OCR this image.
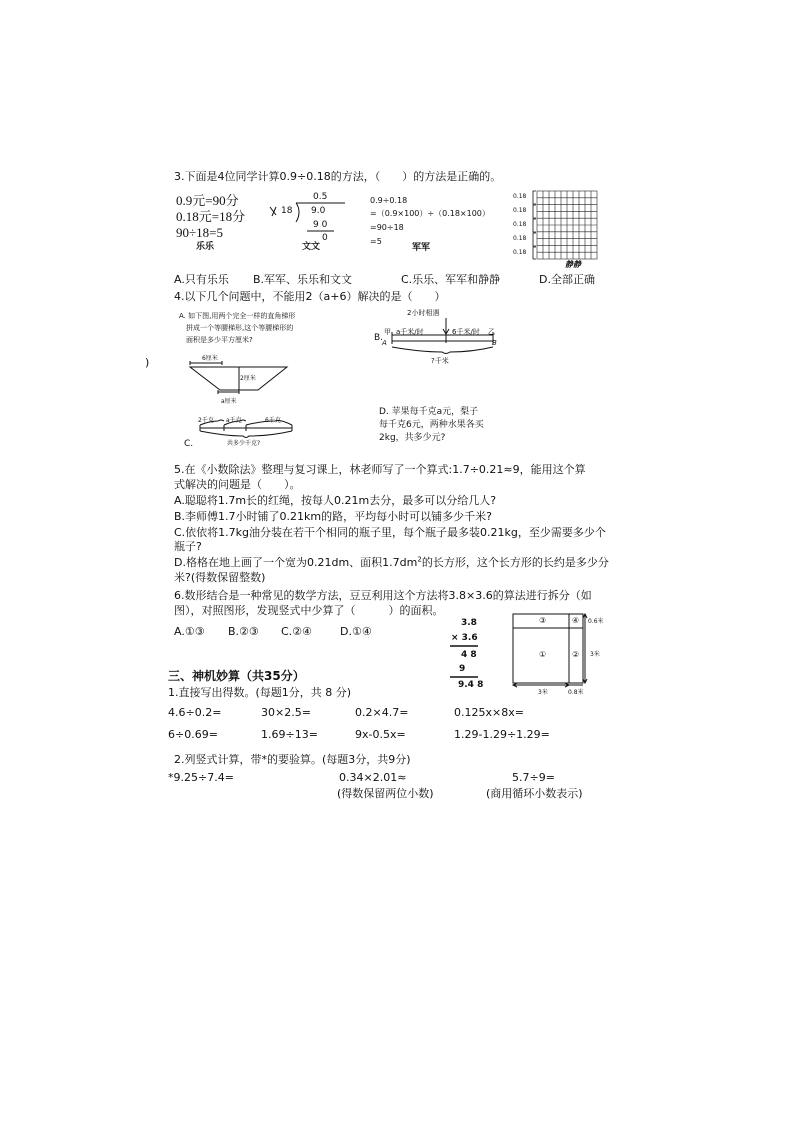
3.下面是4位同学计算0.9÷0.18的方法，（　　）的方法是正确的。
0.9元=90分
0.18元=18分
90÷18=5
乐乐
0.5
18 9.0
9 0
0
文文
0.9÷0.18
=（0.9×100）÷（0.18×100）
=90÷18
=5
军军
0.18
0.18
0.18
0.18
0.18
静静
A.只有乐乐 B.军军、乐乐和文文	C.乐乐、军军和静静	D.全部正确
4.以下几个问题中，不能用2（a+6）解决的是（　　）
A. 如下图,用两个完全一样的直角梯形
拼成一个等腰梯形,这个等腰梯形的
面积是多少平方厘米?
6厘米
2厘米
a厘米
)
2小时相遇
B.
甲 a千米/时	6千米/时 乙
A	B
?千米
2千克 a千克	6千克
C.	共多少千克?
D. 苹果每千克a元，梨子
每千克6元，两种水果各买
2kg，共多少元?
5.在《小数除法》整理与复习课上，林老师写了一个算式:1.7÷0.21≈9，能用这个算
式解决的问题是（　　）。
A.聪聪将1.7m长的红绳，按每人0.21m去分，最多可以分给几人?
B.李师傅1.7小时铺了0.21km的路，平均每小时可以铺多少千米?
C.依依将1.7kg油分装在若干个相同的瓶子里，每个瓶子最多装0.21kg，至少需要多少个
瓶子?
D.格格在地上画了一个宽为0.21dm、面积$1.7dm^2$的长方形，这个长方形的长约是多少分
米?(得数保留整数)
6.数形结合是一种常见的数学方法，豆豆利用这个方法将3.8×3.6的算法进行拆分（如
图），对照图形，发现竖式中少算了（　　　）的面积。
A.①③ B.②③ C.②④	D.①④
3.8
× 3.6
4 8
9
9.4 8
①	②
③	④ 0.6米
3米
3米	0.8米
三、神机妙算（共35分）
1.直接写出得数。(每题1分，共 8 分)
4.6÷0.2=	30×2.5=	0.2×4.7=	0.125x×8x=
6÷0.69=	1.69÷13=	9x-0.5x=	1.29-1.29÷1.29=
2.列竖式计算，带*的要验算。(每题3分，共9分)
*9.25÷7.4=	0.34×2.01≈	5.7÷9=
(得数保留两位小数)	(商用循环小数表示)
